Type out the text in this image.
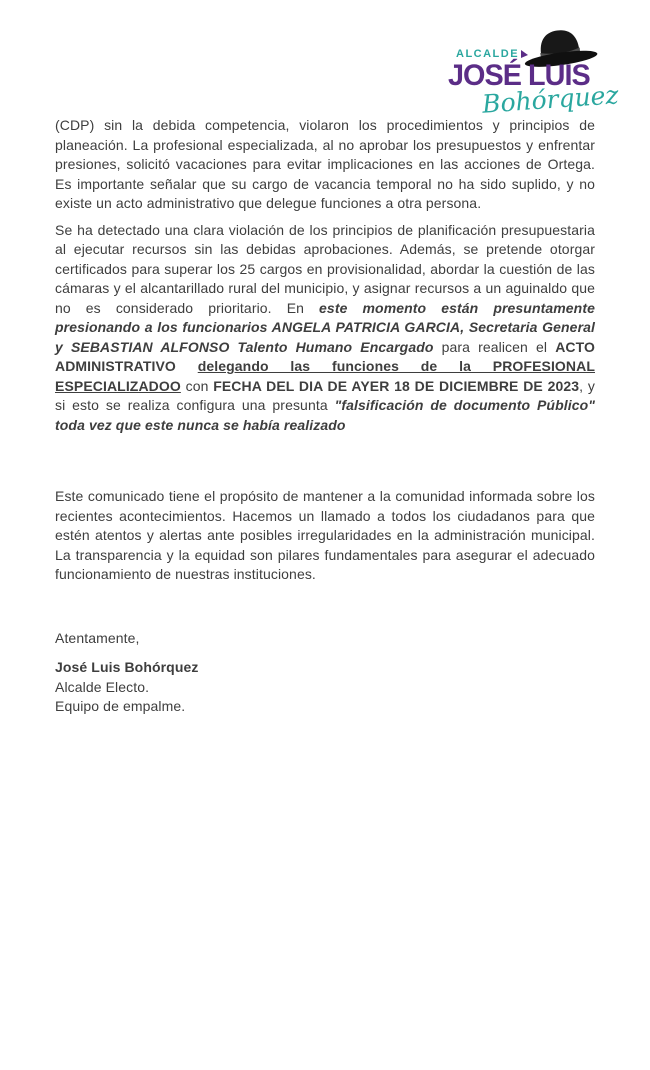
ALCALDE
JOSÉ LUIS
Bohórquez

(CDP) sin la debida competencia, violaron los procedimientos y principios de planeación. La profesional especializada, al no aprobar los presupuestos y enfrentar presiones, solicitó vacaciones para evitar implicaciones en las acciones de Ortega. Es importante señalar que su cargo de vacancia temporal no ha sido suplido, y no existe un acto administrativo que delegue funciones a otra persona.

Se ha detectado una clara violación de los principios de planificación presupuestaria al ejecutar recursos sin las debidas aprobaciones. Además, se pretende otorgar certificados para superar los 25 cargos en provisionalidad, abordar la cuestión de las cámaras y el alcantarillado rural del municipio, y asignar recursos a un aguinaldo que no es considerado prioritario. En este momento están presuntamente presionando a los funcionarios ANGELA PATRICIA GARCIA, Secretaria General y SEBASTIAN ALFONSO Talento Humano Encargado para realicen el ACTO ADMINISTRATIVO delegando las funciones de la PROFESIONAL ESPECIALIZADOO con FECHA DEL DIA DE AYER 18 DE DICIEMBRE DE 2023, y si esto se realiza configura una presunta "falsificación de documento Público" toda vez que este nunca se había realizado

Este comunicado tiene el propósito de mantener a la comunidad informada sobre los recientes acontecimientos. Hacemos un llamado a todos los ciudadanos para que estén atentos y alertas ante posibles irregularidades en la administración municipal. La transparencia y la equidad son pilares fundamentales para asegurar el adecuado funcionamiento de nuestras instituciones.

Atentamente,
José Luis Bohórquez
Alcalde Electo.
Equipo de empalme.
